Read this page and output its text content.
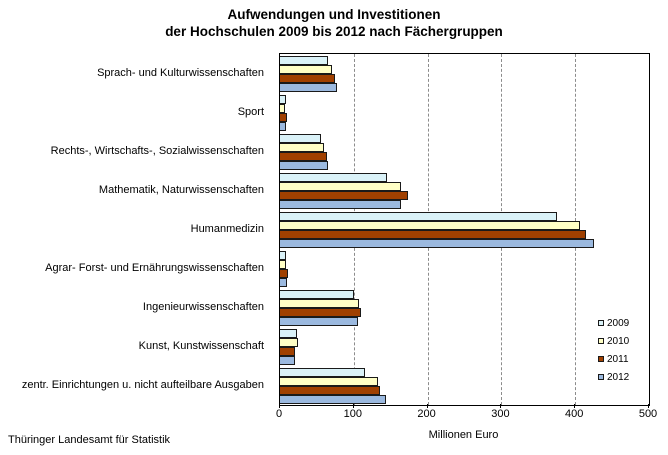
Aufwendungen und Investitionen
der Hochschulen 2009 bis 2012 nach Fächergruppen
Sprach- und Kulturwissenschaften
Sport
Rechts-, Wirtschafts-, Sozialwissenschaften
Mathematik, Naturwissenschaften
Humanmedizin
Agrar- Forst- und Ernährungswissenschaften
Ingenieurwissenschaften
Kunst, Kunstwissenschaft
zentr. Einrichtungen u. nicht aufteilbare Ausgaben
2009
2010
2011
2012
0	100	200	300	400	500
Millionen Euro
Thüringer Landesamt für Statistik
